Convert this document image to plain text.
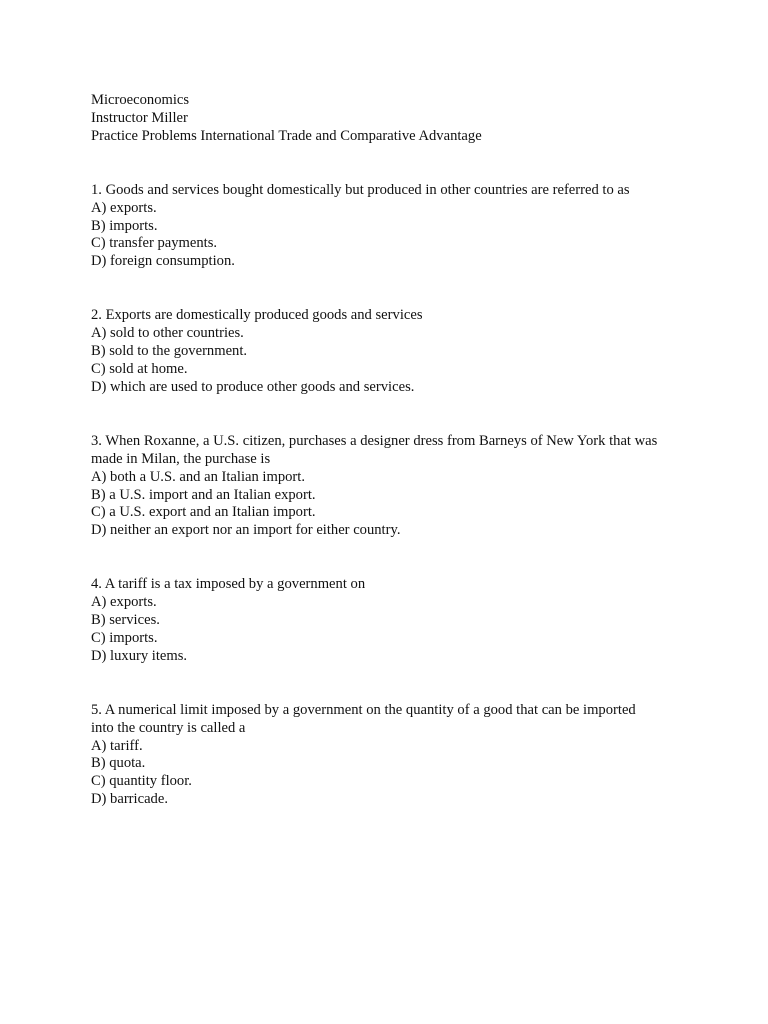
Microeconomics
Instructor Miller
Practice Problems International Trade and Comparative Advantage
1. Goods and services bought domestically but produced in other countries are referred to as
A) exports.
B) imports.
C) transfer payments.
D) foreign consumption.
2. Exports are domestically produced goods and services
A) sold to other countries.
B) sold to the government.
C) sold at home.
D) which are used to produce other goods and services.
3. When Roxanne, a U.S. citizen, purchases a designer dress from Barneys of New York that was made in Milan, the purchase is
A) both a U.S. and an Italian import.
B) a U.S. import and an Italian export.
C) a U.S. export and an Italian import.
D) neither an export nor an import for either country.
4. A tariff is a tax imposed by a government on
A) exports.
B) services.
C) imports.
D) luxury items.
5. A numerical limit imposed by a government on the quantity of a good that can be imported into the country is called a
A) tariff.
B) quota.
C) quantity floor.
D) barricade.
